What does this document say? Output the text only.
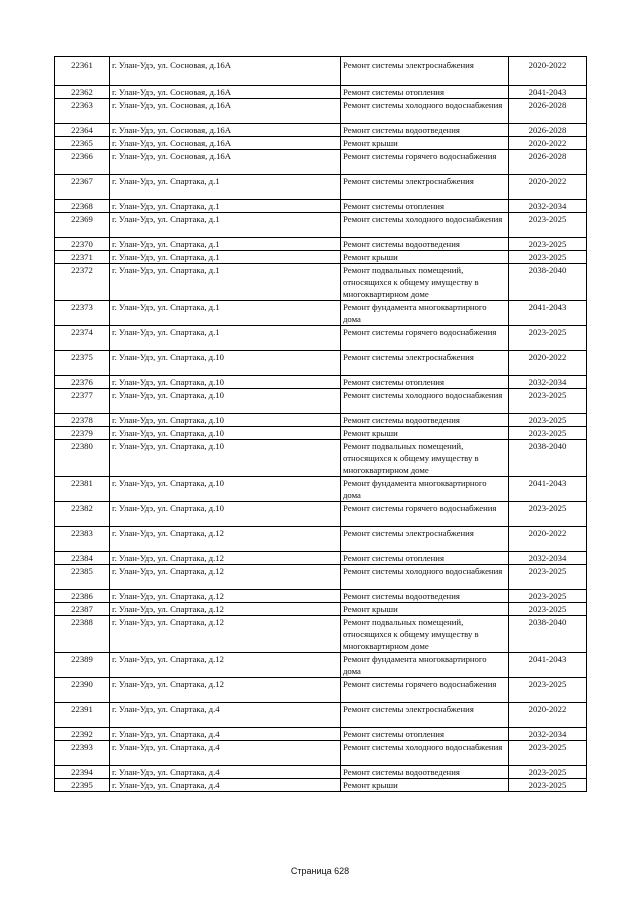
22361	г. Улан-Удэ, ул. Сосновая, д.16А	Ремонт системы электроснабжения	2020-2022
22362	г. Улан-Удэ, ул. Сосновая, д.16А	Ремонт системы отопления	2041-2043
22363	г. Улан-Удэ, ул. Сосновая, д.16А	Ремонт системы холодного водоснабжения	2026-2028
22364	г. Улан-Удэ, ул. Сосновая, д.16А	Ремонт системы водоотведения	2026-2028
22365	г. Улан-Удэ, ул. Сосновая, д.16А	Ремонт крыши	2020-2022
22366	г. Улан-Удэ, ул. Сосновая, д.16А	Ремонт системы горячего водоснабжения	2026-2028
22367	г. Улан-Удэ, ул. Спартака, д.1	Ремонт системы электроснабжения	2020-2022
22368	г. Улан-Удэ, ул. Спартака, д.1	Ремонт системы отопления	2032-2034
22369	г. Улан-Удэ, ул. Спартака, д.1	Ремонт системы холодного водоснабжения	2023-2025
22370	г. Улан-Удэ, ул. Спартака, д.1	Ремонт системы водоотведения	2023-2025
22371	г. Улан-Удэ, ул. Спартака, д.1	Ремонт крыши	2023-2025
22372	г. Улан-Удэ, ул. Спартака, д.1	Ремонт подвальных помещений, относящихся к общему имуществу в многоквартирном доме	2038-2040
22373	г. Улан-Удэ, ул. Спартака, д.1	Ремонт фундамента многоквартирного дома	2041-2043
22374	г. Улан-Удэ, ул. Спартака, д.1	Ремонт системы горячего водоснабжения	2023-2025
22375	г. Улан-Удэ, ул. Спартака, д.10	Ремонт системы электроснабжения	2020-2022
22376	г. Улан-Удэ, ул. Спартака, д.10	Ремонт системы отопления	2032-2034
22377	г. Улан-Удэ, ул. Спартака, д.10	Ремонт системы холодного водоснабжения	2023-2025
22378	г. Улан-Удэ, ул. Спартака, д.10	Ремонт системы водоотведения	2023-2025
22379	г. Улан-Удэ, ул. Спартака, д.10	Ремонт крыши	2023-2025
22380	г. Улан-Удэ, ул. Спартака, д.10	Ремонт подвальных помещений, относящихся к общему имуществу в многоквартирном доме	2038-2040
22381	г. Улан-Удэ, ул. Спартака, д.10	Ремонт фундамента многоквартирного дома	2041-2043
22382	г. Улан-Удэ, ул. Спартака, д.10	Ремонт системы горячего водоснабжения	2023-2025
22383	г. Улан-Удэ, ул. Спартака, д.12	Ремонт системы электроснабжения	2020-2022
22384	г. Улан-Удэ, ул. Спартака, д.12	Ремонт системы отопления	2032-2034
22385	г. Улан-Удэ, ул. Спартака, д.12	Ремонт системы холодного водоснабжения	2023-2025
22386	г. Улан-Удэ, ул. Спартака, д.12	Ремонт системы водоотведения	2023-2025
22387	г. Улан-Удэ, ул. Спартака, д.12	Ремонт крыши	2023-2025
22388	г. Улан-Удэ, ул. Спартака, д.12	Ремонт подвальных помещений, относящихся к общему имуществу в многоквартирном доме	2038-2040
22389	г. Улан-Удэ, ул. Спартака, д.12	Ремонт фундамента многоквартирного дома	2041-2043
22390	г. Улан-Удэ, ул. Спартака, д.12	Ремонт системы горячего водоснабжения	2023-2025
22391	г. Улан-Удэ, ул. Спартака, д.4	Ремонт системы электроснабжения	2020-2022
22392	г. Улан-Удэ, ул. Спартака, д.4	Ремонт системы отопления	2032-2034
22393	г. Улан-Удэ, ул. Спартака, д.4	Ремонт системы холодного водоснабжения	2023-2025
22394	г. Улан-Удэ, ул. Спартака, д.4	Ремонт системы водоотведения	2023-2025
22395	г. Улан-Удэ, ул. Спартака, д.4	Ремонт крыши	2023-2025
Страница 628
